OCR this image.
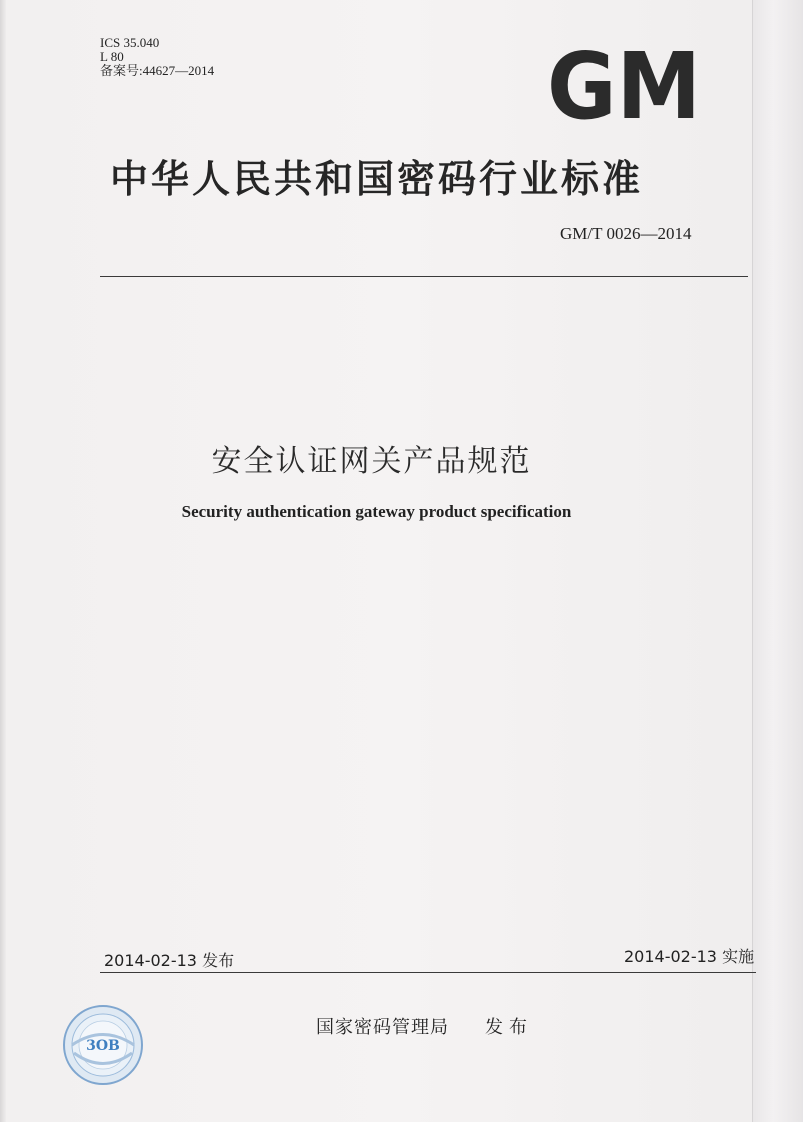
ICS 35.040
L 80
备案号:44627—2014	GM
中华人民共和国密码行业标准
GM/T 0026—2014
安全认证网关产品规范
Security authentication gateway product specification
2014-02-13 发布	2014-02-13 实施
国家密码管理局 发布
3OB
